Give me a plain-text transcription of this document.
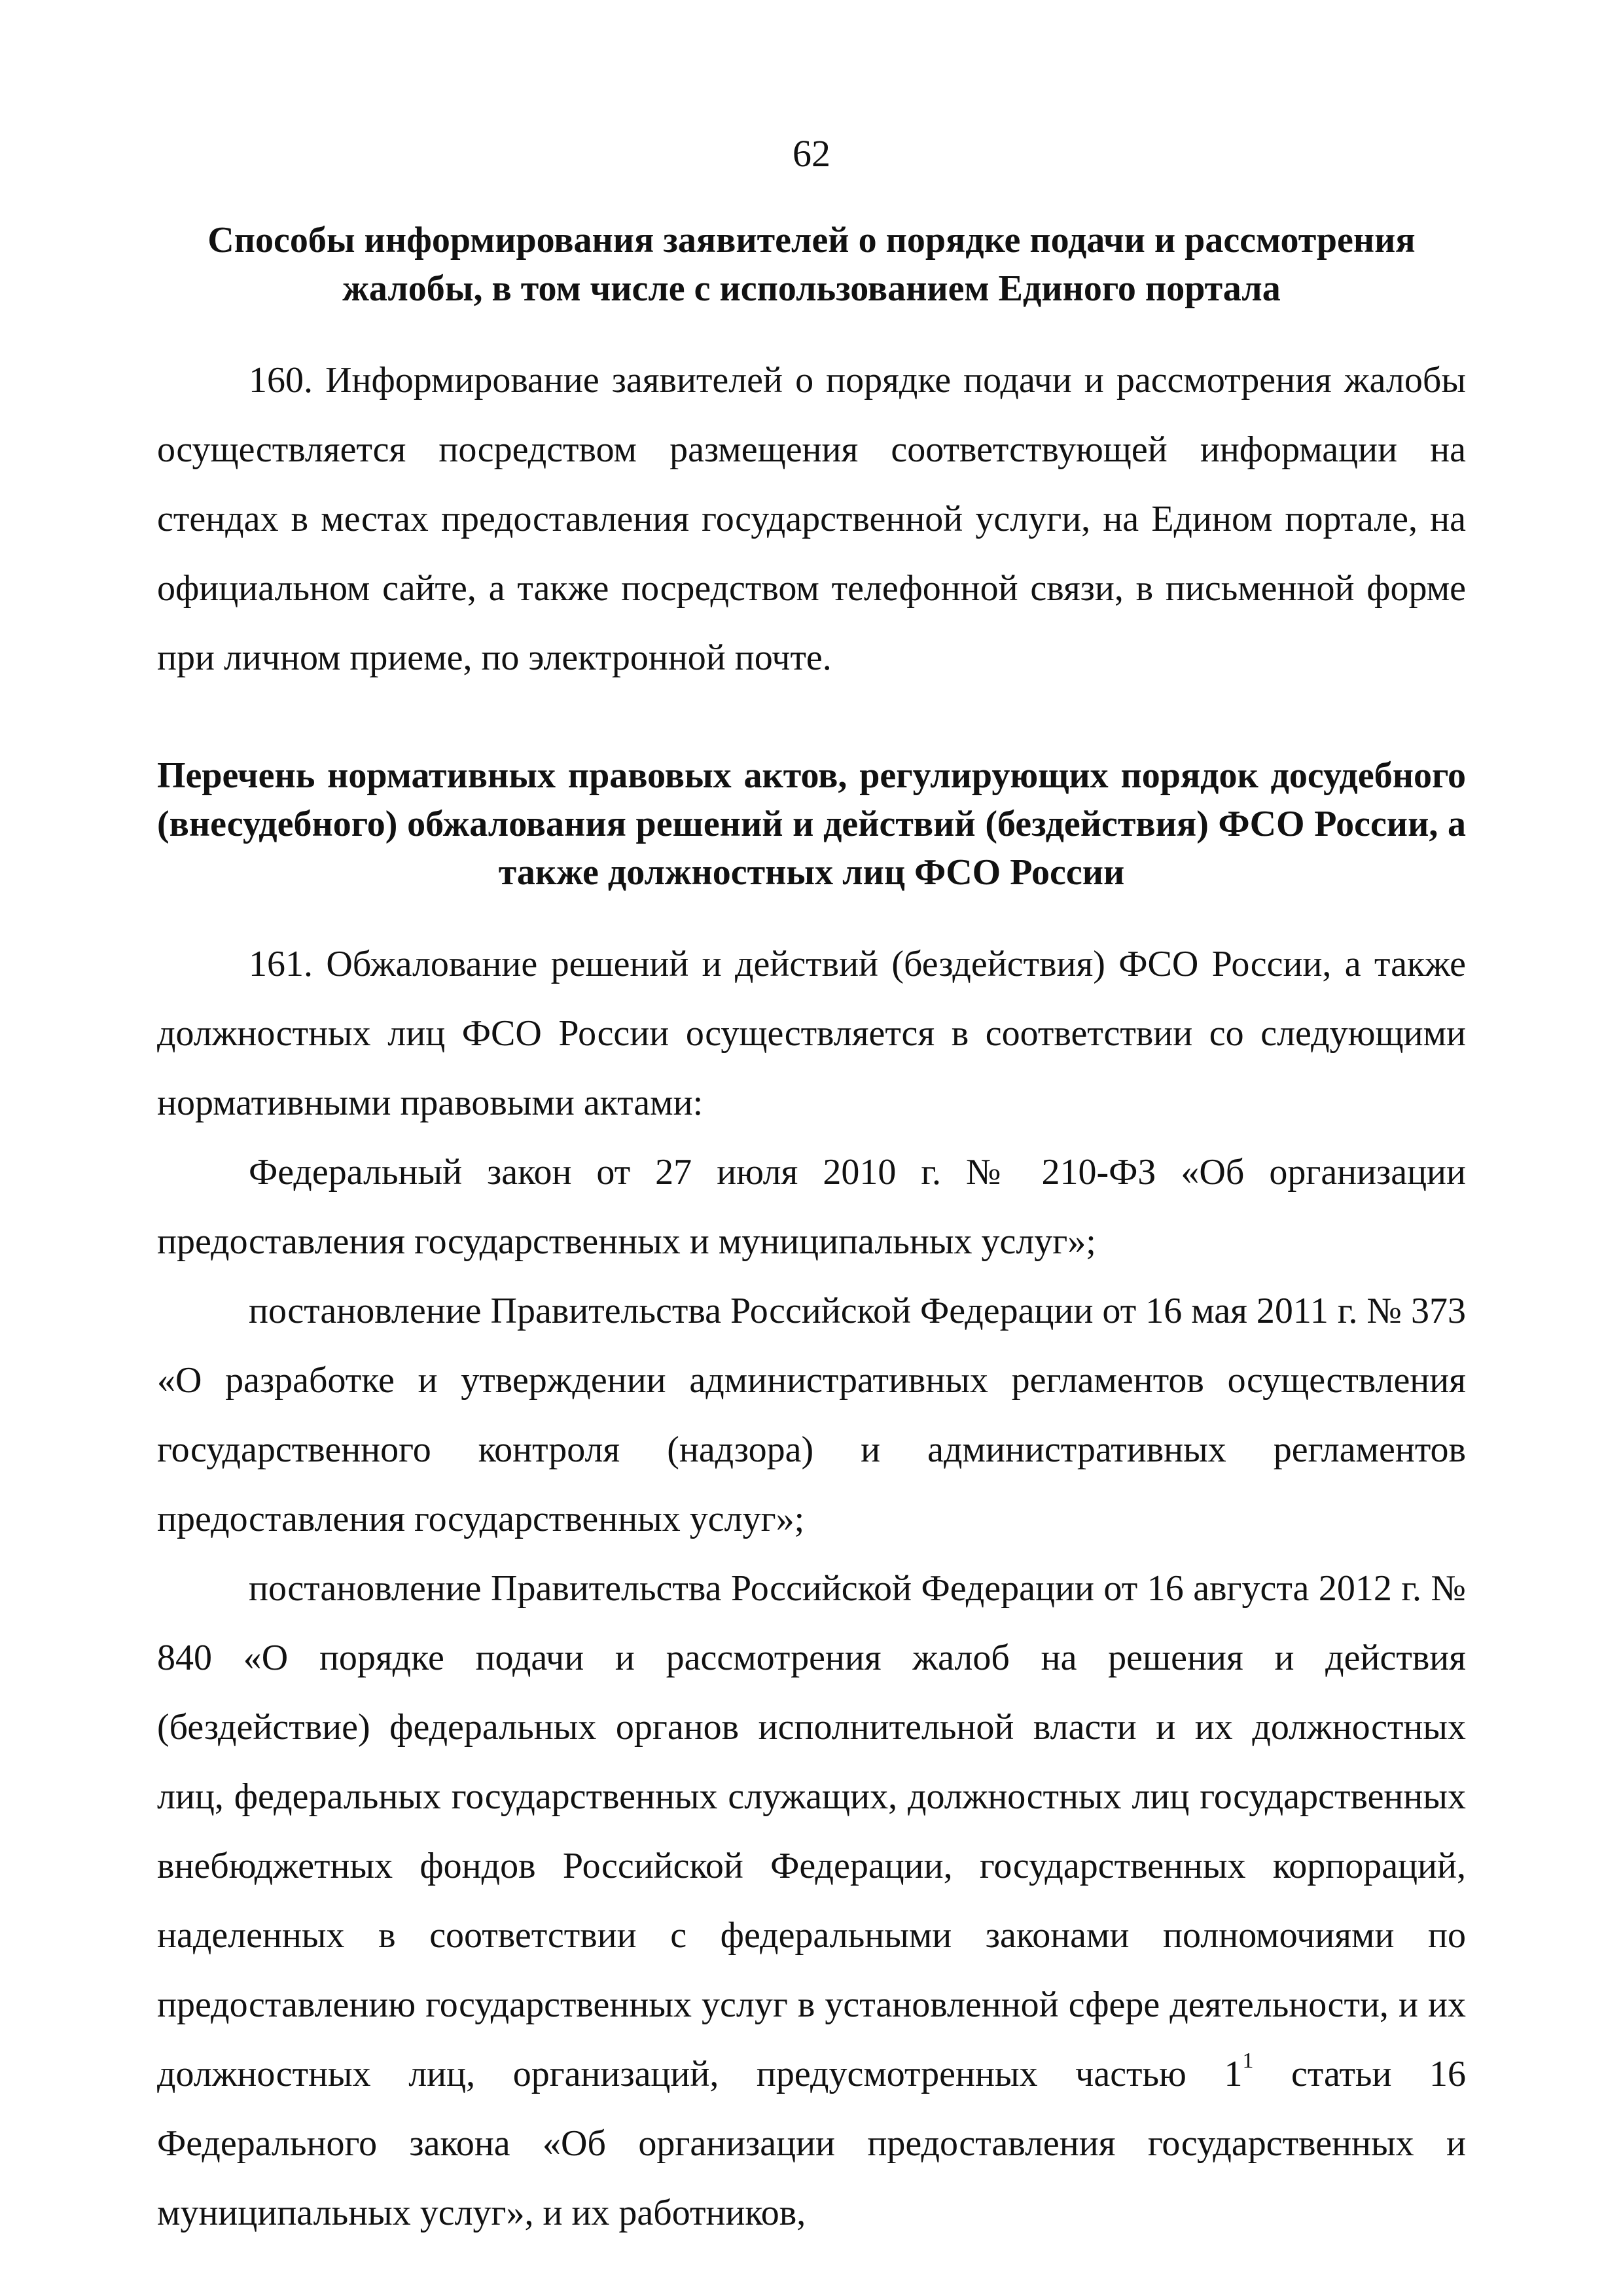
62

Способы информирования заявителей о порядке подачи и рассмотрения жалобы, в том числе с использованием Единого портала

160. Информирование заявителей о порядке подачи и рассмотрения жалобы осуществляется посредством размещения соответствующей информации на стендах в местах предоставления государственной услуги, на Едином портале, на официальном сайте, а также посредством телефонной связи, в письменной форме при личном приеме, по электронной почте.

Перечень нормативных правовых актов, регулирующих порядок досудебного (внесудебного) обжалования решений и действий (бездействия) ФСО России, а также должностных лиц ФСО России

161. Обжалование решений и действий (бездействия) ФСО России, а также должностных лиц ФСО России осуществляется в соответствии со следующими нормативными правовыми актами:

Федеральный закон от 27 июля 2010 г. № 210-ФЗ «Об организации предоставления государственных и муниципальных услуг»;

постановление Правительства Российской Федерации от 16 мая 2011 г. № 373 «О разработке и утверждении административных регламентов осуществления государственного контроля (надзора) и административных регламентов предоставления государственных услуг»;

постановление Правительства Российской Федерации от 16 августа 2012 г. № 840 «О порядке подачи и рассмотрения жалоб на решения и действия (бездействие) федеральных органов исполнительной власти и их должностных лиц, федеральных государственных служащих, должностных лиц государственных внебюджетных фондов Российской Федерации, государственных корпораций, наделенных в соответствии с федеральными законами полномочиями по предоставлению государственных услуг в установленной сфере деятельности, и их должностных лиц, организаций, предусмотренных частью $1^1$ статьи 16 Федерального закона «Об организации предоставления государственных и муниципальных услуг», и их работников,
